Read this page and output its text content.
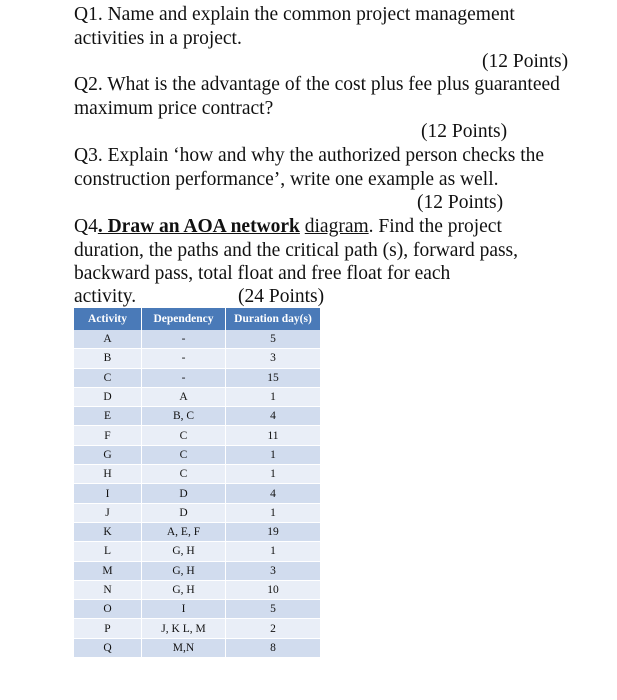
Q1. Name and explain the common project management
activities in a project.
(12 Points)
Q2. What is the advantage of the cost plus fee plus guaranteed
maximum price contract?
(12 Points)
Q3. Explain ‘how and why the authorized person checks the
construction performance’, write one example as well.
(12 Points)
Q4. Draw an AOA network diagram. Find the project
duration, the paths and the critical path (s), forward pass,
backward pass, total float and free float for each
activity.	(24 Points)
Activity	Dependency	Duration day(s)
A	-	5
B	-	3
C	-	15
D	A	1
E	B, C	4
F	C	11
G	C	1
H	C	1
I	D	4
J	D	1
K	A, E, F	19
L	G, H	1
M	G, H	3
N	G, H	10
O	I	5
P	J, K L, M	2
Q	M,N	8
